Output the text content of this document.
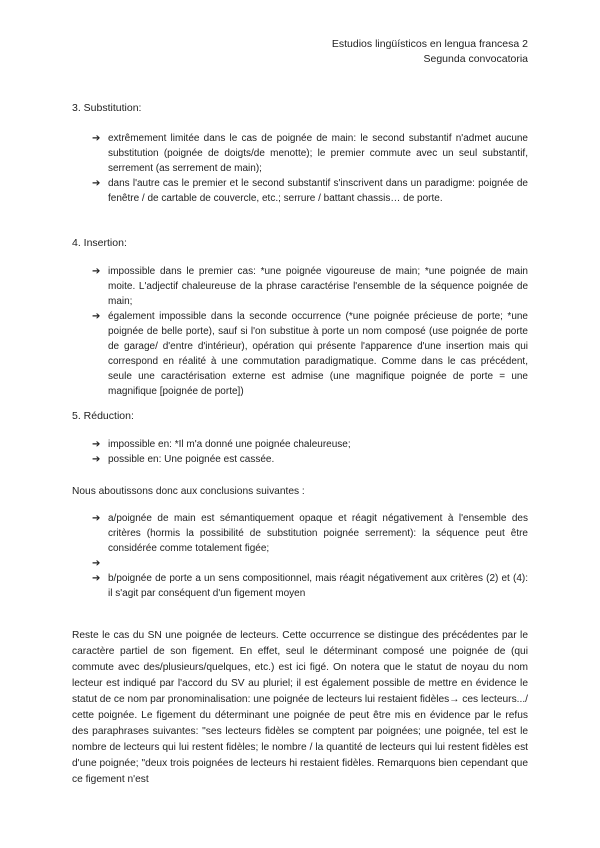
Estudios lingüísticos en lengua francesa 2
Segunda convocatoria
3. Substitution:
➔ extrêmement limitée dans le cas de poignée de main: le second substantif n'admet aucune substitution (poignée de doigts/de menotte); le premier commute avec un seul substantif, serrement (as serrement de main);
➔ dans l'autre cas le premier et le second substantif s'inscrivent dans un paradigme: poignée de fenêtre / de cartable de couvercle, etc.; serrure / battant chassis… de porte.
4. Insertion:
➔ impossible dans le premier cas: *une poignée vigoureuse de main; *une poignée de main moite. L'adjectif chaleureuse de la phrase caractérise l'ensemble de la séquence poignée de main;
➔ également impossible dans la seconde occurrence (*une poignée précieuse de porte; *une poignée de belle porte), sauf si l'on substitue à porte un nom composé (use poignée de porte de garage/ d'entre d'intérieur), opération qui présente l'apparence d'une insertion mais qui correspond en réalité à une commutation paradigmatique. Comme dans le cas précédent, seule une caractérisation externe est admise (une magnifique poignée de porte = une magnifique [poignée de porte])
5. Réduction:
➔ impossible en: *Il m'a donné une poignée chaleureuse;
➔ possible en: Une poignée est cassée.
Nous aboutissons donc aux conclusions suivantes :
➔ a/poignée de main est sémantiquement opaque et réagit négativement à l'ensemble des critères (hormis la possibilité de substitution poignée serrement): la séquence peut être considérée comme totalement figée;
➔
➔ b/poignée de porte a un sens compositionnel, mais réagit négativement aux critères (2) et (4): il s'agit par conséquent d'un figement moyen

Reste le cas du SN une poignée de lecteurs. Cette occurrence se distingue des précédentes par le caractère partiel de son figement. En effet, seul le déterminant composé une poignée de (qui commute avec des/plusieurs/quelques, etc.) est ici figé. On notera que le statut de noyau du nom lecteur est indiqué par l'accord du SV au pluriel; il est également possible de mettre en évidence le statut de ce nom par pronominalisation: une poignée de lecteurs lui restaient fidèles→ ces lecteurs.../ cette poignée. Le figement du déterminant une poignée de peut être mis en évidence par le refus des paraphrases suivantes: "ses lecteurs fidèles se comptent par poignées; une poignée, tel est le nombre de lecteurs qui lui restent fidèles; le nombre / la quantité de lecteurs qui lui restent fidèles est d'une poignée; "deux trois poignées de lecteurs hi restaient fidèles. Remarquons bien cependant que ce figement n'est
